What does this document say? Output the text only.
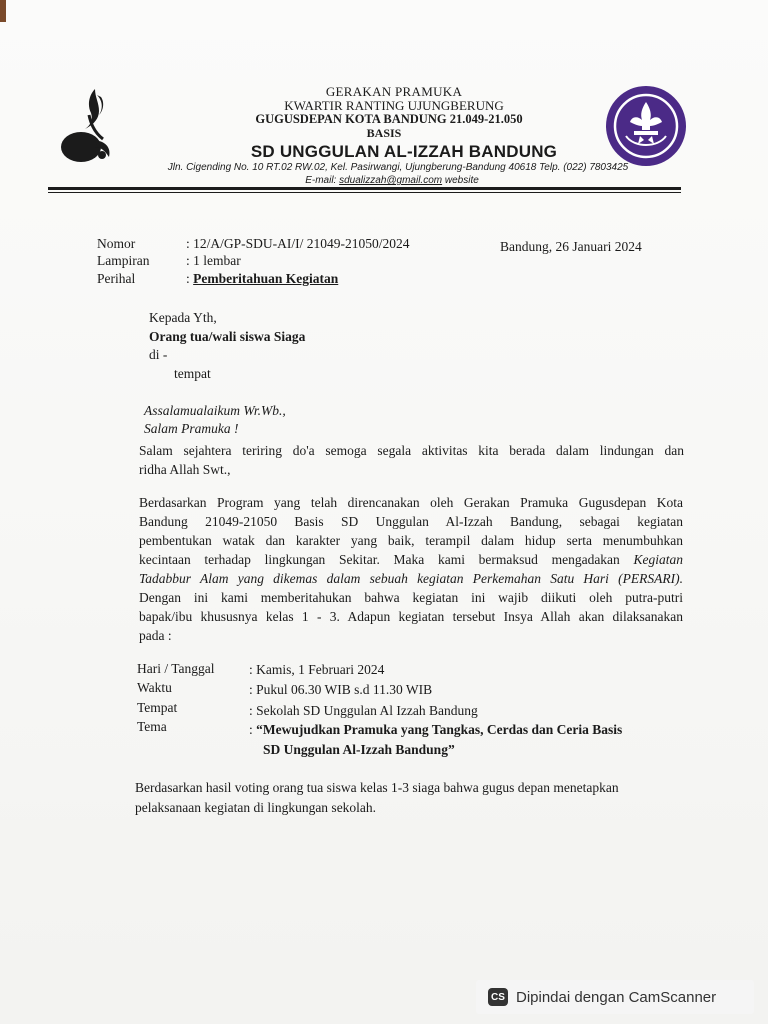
GERAKAN PRAMUKA
KWARTIR RANTING UJUNGBERUNG
GUGUSDEPAN KOTA BANDUNG 21.049-21.050
BASIS
SD UNGGULAN AL-IZZAH BANDUNG
Jln. Cigending No. 10 RT.02 RW.02, Kel. Pasirwangi, Ujungberung-Bandung 40618 Telp. (022) 7803425
E-mail: sdualizzah@gmail.com website
Nomor	: 12/A/GP-SDU-AI/I/ 21049-21050/2024
Lampiran	: 1 lembar
Perihal	: Pemberitahuan Kegiatan
Bandung, 26 Januari 2024
Kepada Yth,
Orang tua/wali siswa Siaga
di -
tempat
Assalamualaikum Wr.Wb.,
Salam Pramuka !
Salam sejahtera teriring do'a semoga segala aktivitas kita berada dalam lindungan dan
ridha Allah Swt.,
Berdasarkan Program yang telah direncanakan oleh Gerakan Pramuka Gugusdepan Kota
Bandung 21049-21050 Basis SD Unggulan Al-Izzah Bandung, sebagai kegiatan
pembentukan watak dan karakter yang baik, terampil dalam hidup serta menumbuhkan
kecintaan terhadap lingkungan Sekitar. Maka kami bermaksud mengadakan Kegiatan
Tadabbur Alam yang dikemas dalam sebuah kegiatan Perkemahan Satu Hari (PERSARI).
Dengan ini kami memberitahukan bahwa kegiatan ini wajib diikuti oleh putra-putri
bapak/ibu khususnya kelas 1 - 3. Adapun kegiatan tersebut Insya Allah akan dilaksanakan
pada :
Hari / Tanggal	: Kamis, 1 Februari 2024
Waktu	: Pukul 06.30 WIB s.d 11.30 WIB
Tempat	: Sekolah SD Unggulan Al Izzah Bandung
Tema	: “Mewujudkan Pramuka yang Tangkas, Cerdas dan Ceria Basis
SD Unggulan Al-Izzah Bandung”
Berdasarkan hasil voting orang tua siswa kelas 1-3 siaga bahwa gugus depan menetapkan
pelaksanaan kegiatan di lingkungan sekolah.
CS Dipindai dengan CamScanner
